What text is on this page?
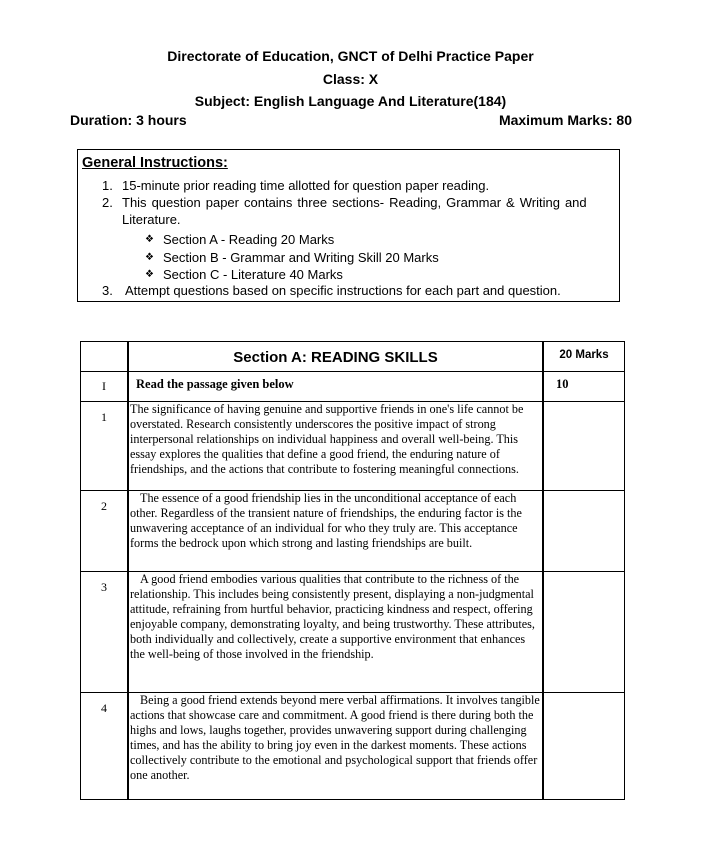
Directorate of Education, GNCT of Delhi Practice Paper
Class: X
Subject: English Language And Literature(184)
Duration: 3 hours	Maximum Marks: 80
General Instructions:
1. 15-minute prior reading time allotted for question paper reading.
2. This question paper contains three sections- Reading, Grammar & Writing and
Literature.
❖ Section A - Reading 20 Marks
❖ Section B - Grammar and Writing Skill 20 Marks
❖ Section C - Literature 40 Marks
3. Attempt questions based on specific instructions for each part and question.
	Section A: READING SKILLS	20 Marks
I	Read the passage given below	10
1	The significance of having genuine and supportive friends in one's life cannot be overstated. Research consistently underscores the positive impact of strong interpersonal relationships on individual happiness and overall well-being. This essay explores the qualities that define a good friend, the enduring nature of friendships, and the actions that contribute to fostering meaningful connections.	
2	The essence of a good friendship lies in the unconditional acceptance of each other. Regardless of the transient nature of friendships, the enduring factor is the unwavering acceptance of an individual for who they truly are. This acceptance forms the bedrock upon which strong and lasting friendships are built.	
3	A good friend embodies various qualities that contribute to the richness of the relationship. This includes being consistently present, displaying a non-judgmental attitude, refraining from hurtful behavior, practicing kindness and respect, offering enjoyable company, demonstrating loyalty, and being trustworthy. These attributes, both individually and collectively, create a supportive environment that enhances the well-being of those involved in the friendship.	
4	Being a good friend extends beyond mere verbal affirmations. It involves tangible actions that showcase care and commitment. A good friend is there during both the highs and lows, laughs together, provides unwavering support during challenging times, and has the ability to bring joy even in the darkest moments. These actions collectively contribute to the emotional and psychological support that friends offer one another.	
